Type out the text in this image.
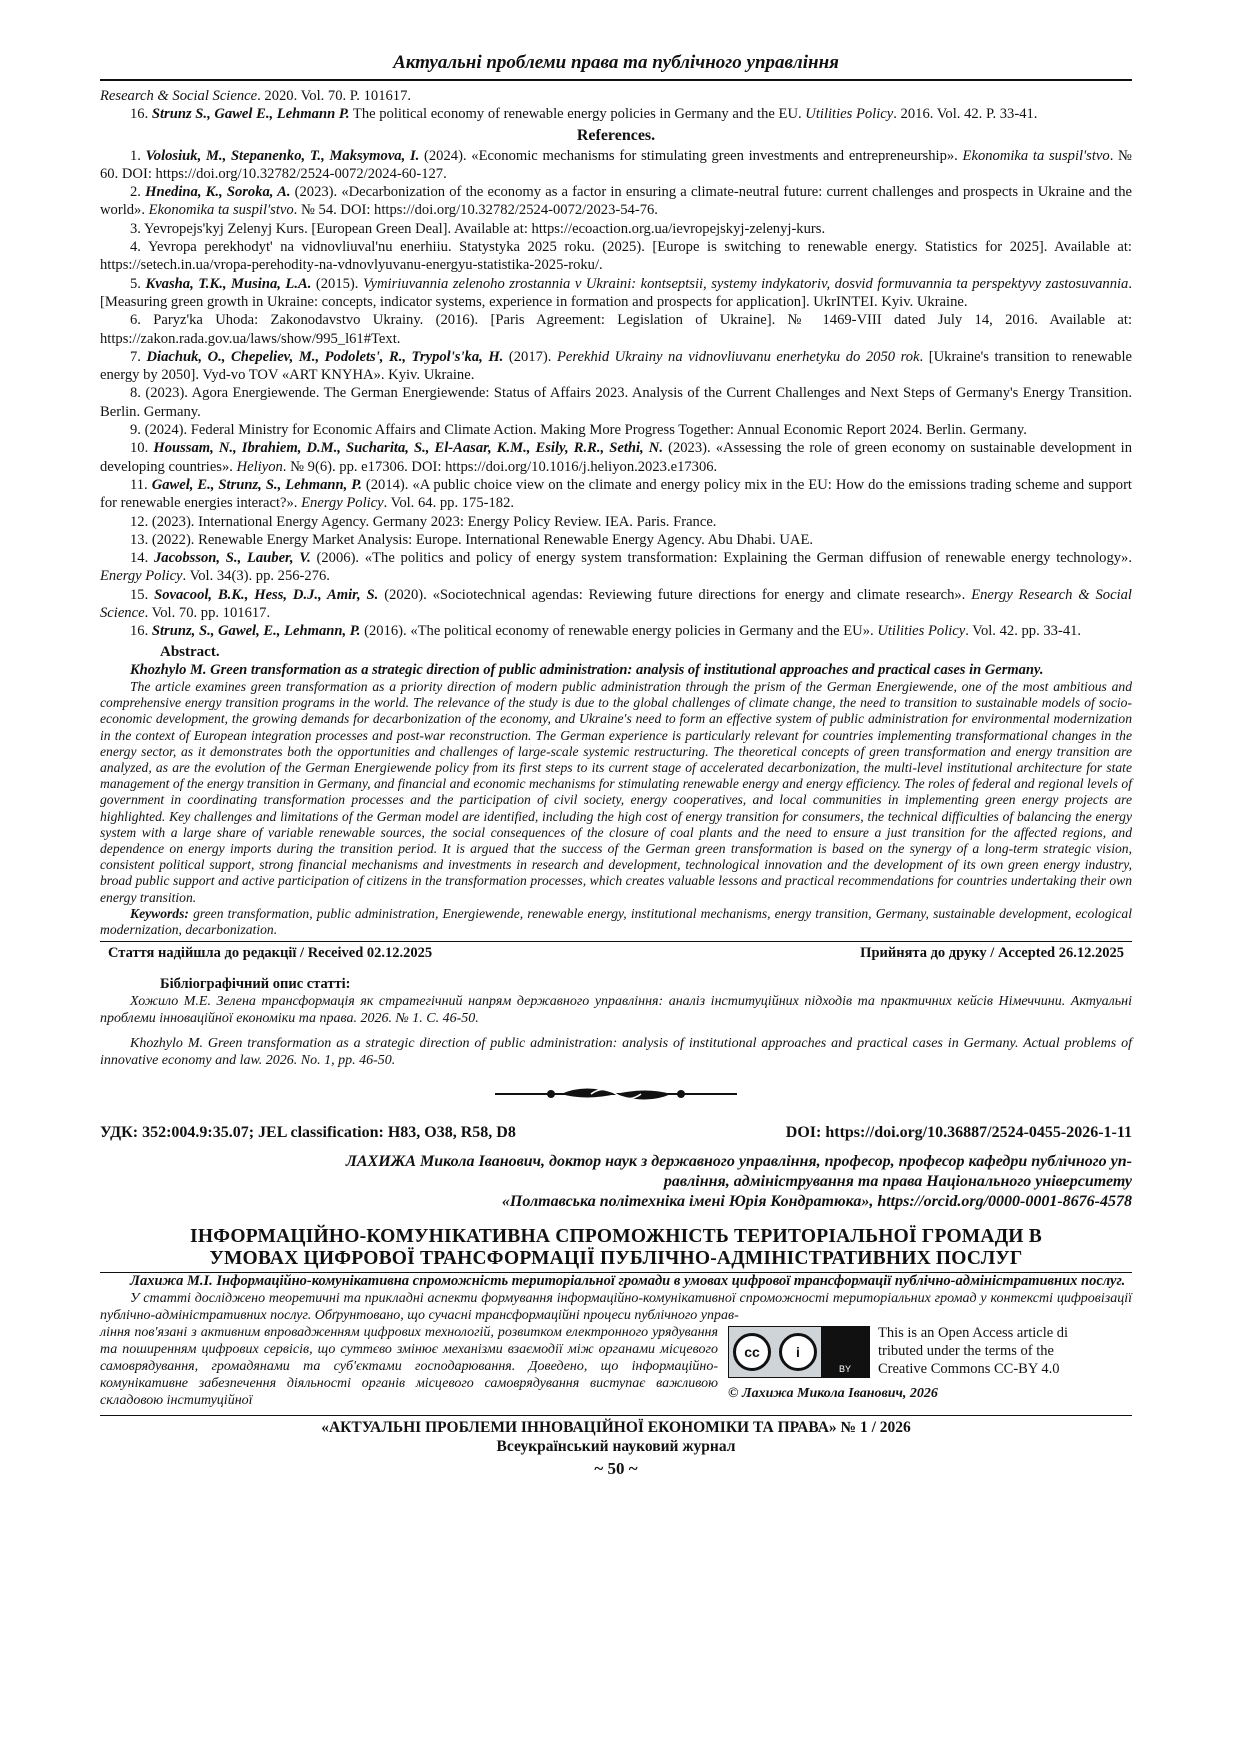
Актуальні проблеми права та публічного управління

Research & Social Science. 2020. Vol. 70. P. 101617.

16. Strunz S., Gawel E., Lehmann P. The political economy of renewable energy policies in Germany and the EU. Utilities Policy. 2016. Vol. 42. P. 33-41.

References.

1. Volosiuk, M., Stepanenko, T., Maksymova, I. (2024). «Economic mechanisms for stimulating green investments and entrepreneurship». Ekonomika ta suspil'stvo. № 60. DOI: https://doi.org/10.32782/2524-0072/2024-60-127.

2. Hnedina, K., Soroka, A. (2023). «Decarbonization of the economy as a factor in ensuring a climate-neutral future: current challenges and prospects in Ukraine and the world». Ekonomika ta suspil'stvo. № 54. DOI: https://doi.org/10.32782/2524-0072/2023-54-76.

3. Yevropejs'kyj Zelenyj Kurs. [European Green Deal]. Available at: https://ecoaction.org.ua/ievropejskyj-zelenyj-kurs.

4. Yevropa perekhodyt' na vidnovliuval'nu enerhiiu. Statystyka 2025 roku. (2025). [Europe is switching to renewable energy. Statistics for 2025]. Available at: https://setech.in.ua/vropa-perehodity-na-vdnovlyuvanu-energyu-statistika-2025-roku/.

5. Kvasha, T.K., Musina, L.A. (2015). Vymiriuvannia zelenoho zrostannia v Ukraini: kontseptsii, systemy indykatoriv, dosvid formuvannia ta perspektyvy zastosuvannia. [Measuring green growth in Ukraine: concepts, indicator systems, experience in formation and prospects for application]. UkrINTEI. Kyiv. Ukraine.

6. Paryz'ka Uhoda: Zakonodavstvo Ukrainy. (2016). [Paris Agreement: Legislation of Ukraine]. № 1469-VIII dated July 14, 2016. Available at: https://zakon.rada.gov.ua/laws/show/995_l61#Text.

7. Diachuk, O., Chepeliev, M., Podolets', R., Trypol's'ka, H. (2017). Perekhid Ukrainy na vidnovliuvanu enerhetyku do 2050 rok. [Ukraine's transition to renewable energy by 2050]. Vyd-vo TOV «ART KNYHA». Kyiv. Ukraine.

8. (2023). Agora Energiewende. The German Energiewende: Status of Affairs 2023. Analysis of the Current Challenges and Next Steps of Germany's Energy Transition. Berlin. Germany.

9. (2024). Federal Ministry for Economic Affairs and Climate Action. Making More Progress Together: Annual Economic Report 2024. Berlin. Germany.

10. Houssam, N., Ibrahiem, D.M., Sucharita, S., El-Aasar, K.M., Esily, R.R., Sethi, N. (2023). «Assessing the role of green economy on sustainable development in developing countries». Heliyon. № 9(6). pp. e17306. DOI: https://doi.org/10.1016/j.heliyon.2023.e17306.

11. Gawel, E., Strunz, S., Lehmann, P. (2014). «A public choice view on the climate and energy policy mix in the EU: How do the emissions trading scheme and support for renewable energies interact?». Energy Policy. Vol. 64. pp. 175-182.

12. (2023). International Energy Agency. Germany 2023: Energy Policy Review. IEA. Paris. France.

13. (2022). Renewable Energy Market Analysis: Europe. International Renewable Energy Agency. Abu Dhabi. UAE.

14. Jacobsson, S., Lauber, V. (2006). «The politics and policy of energy system transformation: Explaining the German diffusion of renewable energy technology». Energy Policy. Vol. 34(3). pp. 256-276.

15. Sovacool, B.K., Hess, D.J., Amir, S. (2020). «Sociotechnical agendas: Reviewing future directions for energy and climate research». Energy Research & Social Science. Vol. 70. pp. 101617.

16. Strunz, S., Gawel, E., Lehmann, P. (2016). «The political economy of renewable energy policies in Germany and the EU». Utilities Policy. Vol. 42. pp. 33-41.

Abstract.

Khozhylo M. Green transformation as a strategic direction of public administration: analysis of institutional approaches and practical cases in Germany.

The article examines green transformation as a priority direction of modern public administration through the prism of the German Energiewende, one of the most ambitious and comprehensive energy transition programs in the world. The relevance of the study is due to the global challenges of climate change, the need to transition to sustainable models of socio-economic development, the growing demands for decarbonization of the economy, and Ukraine's need to form an effective system of public administration for environmental modernization in the context of European integration processes and post-war reconstruction. The German experience is particularly relevant for countries implementing transformational changes in the energy sector, as it demonstrates both the opportunities and challenges of large-scale systemic restructuring. The theoretical concepts of green transformation and energy transition are analyzed, as are the evolution of the German Energiewende policy from its first steps to its current stage of accelerated decarbonization, the multi-level institutional architecture for state management of the energy transition in Germany, and financial and economic mechanisms for stimulating renewable energy and energy efficiency. The roles of federal and regional levels of government in coordinating transformation processes and the participation of civil society, energy cooperatives, and local communities in implementing green energy projects are highlighted. Key challenges and limitations of the German model are identified, including the high cost of energy transition for consumers, the technical difficulties of balancing the energy system with a large share of variable renewable sources, the social consequences of the closure of coal plants and the need to ensure a just transition for the affected regions, and dependence on energy imports during the transition period. It is argued that the success of the German green transformation is based on the synergy of a long-term strategic vision, consistent political support, strong financial mechanisms and investments in research and development, technological innovation and the development of its own green energy industry, broad public support and active participation of citizens in the transformation processes, which creates valuable lessons and practical recommendations for countries undertaking their own energy transition.

Keywords: green transformation, public administration, Energiewende, renewable energy, institutional mechanisms, energy transition, Germany, sustainable development, ecological modernization, decarbonization.

Стаття надійшла до редакції / Received 02.12.2025	Прийнята до друку / Accepted 26.12.2025
Бібліографічний опис статті:

Хожило М.Е. Зелена трансформація як стратегічний напрям державного управління: аналіз інституційних підходів та практичних кейсів Німеччини. Актуальні проблеми інноваційної економіки та права. 2026. № 1. С. 46-50.

Khozhylo M. Green transformation as a strategic direction of public administration: analysis of institutional approaches and practical cases in Germany. Actual problems of innovative economy and law. 2026. No. 1, pp. 46-50.

УДК: 352:004.9:35.07; JEL classification: H83, O38, R58, D8	DOI: https://doi.org/10.36887/2524-0455-2026-1-11
ЛАХИЖА Микола Іванович, доктор наук з державного управління, професор, професор кафедри публічного уп-
равління, адміністрування та права Національного університету
«Полтавська політехніка імені Юрія Кондратюка», https://orcid.org/0000-0001-8676-4578
ІНФОРМАЦІЙНО-КОМУНІКАТИВНА СПРОМОЖНІСТЬ ТЕРИТОРІАЛЬНОЇ ГРОМАДИ В
УМОВАХ ЦИФРОВОЇ ТРАНСФОРМАЦІЇ ПУБЛІЧНО-АДМІНІСТРАТИВНИХ ПОСЛУГ

Лахижа М.І. Інформаційно-комунікативна спроможність територіальної громади в умовах цифрової трансформації публічно-адміністративних послуг.

У статті досліджено теоретичні та прикладні аспекти формування інформаційно-комунікативної спроможності територіальних громад у контексті цифровізації публічно-адміністративних послуг. Обґрунтовано, що сучасні трансформаційні процеси публічного управ-

ління пов'язані з активним впровадженням цифрових технологій, розвитком електронного урядування та поширенням цифрових сервісів, що суттєво змінює механізми взаємодії між органами місцевого самоврядування, громадянами та суб'єктами господарювання. Доведено, що інформаційно-комунікативне забезпечення діяльності органів місцевого самоврядування виступає важливою складовою інституційної

cc	i
BY
This is an Open Access article di
tributed under the terms of the
Creative Commons CC-BY 4.0
© Лахижа Микола Іванович, 2026
«АКТУАЛЬНІ ПРОБЛЕМИ ІННОВАЦІЙНОЇ ЕКОНОМІКИ ТА ПРАВА» № 1 / 2026
Всеукраїнський науковий журнал
~ 50 ~
